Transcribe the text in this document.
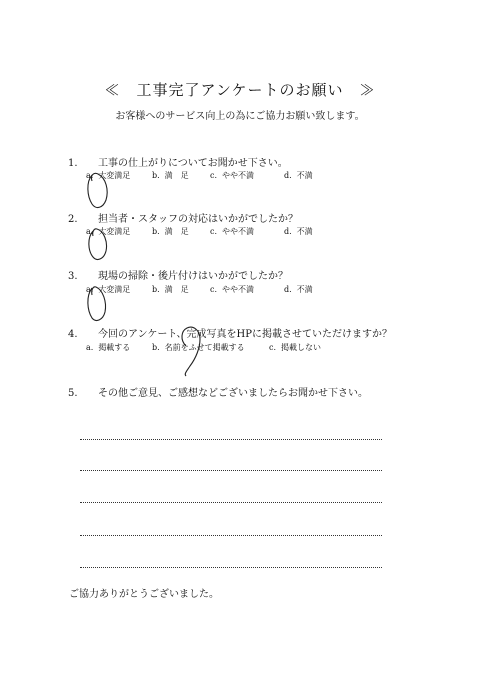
≪　工事完了アンケートのお願い　≫
お客様へのサービス向上の為にご協力お願い致します。
1. 工事の仕上がりについてお聞かせ下さい。
a. 大変満足	b. 満　足	c. やや不満	d. 不満
2. 担当者・スタッフの対応はいかがでしたか？
a. 大変満足	b. 満　足	c. やや不満	d. 不満
3. 現場の掃除・後片付けはいかがでしたか？
a. 大変満足	b. 満　足	c. やや不満	d. 不満
4. 今回のアンケート、完成写真をHPに掲載させていただけますか？
a. 掲載する	b. 名前をふせて掲載する	c. 掲載しない
5. その他ご意見、ご感想などございましたらお聞かせ下さい。
ご協力ありがとうございました。
